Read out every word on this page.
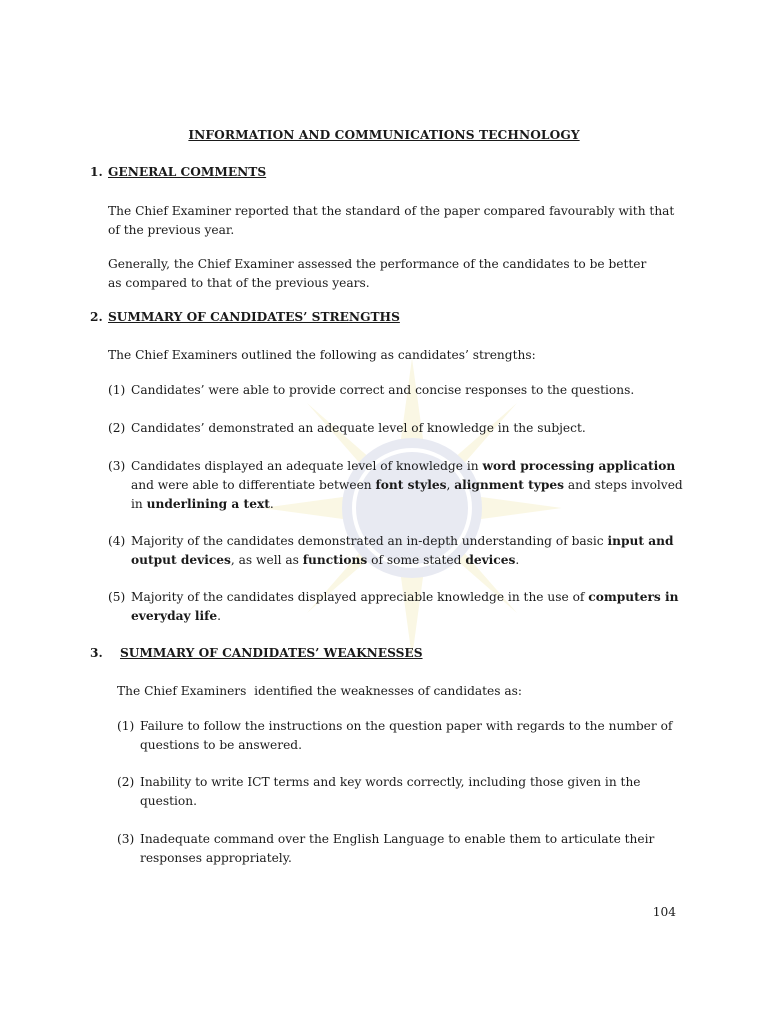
INFORMATION AND COMMUNICATIONS TECHNOLOGY
1. GENERAL COMMENTS

The Chief Examiner reported that the standard of the paper compared favourably with that of the previous year.

Generally, the Chief Examiner assessed the performance of the candidates to be better as compared to that of the previous years.

2. SUMMARY OF CANDIDATES’ STRENGTHS

The Chief Examiners outlined the following as candidates’ strengths:

(1) Candidates’ were able to provide correct and concise responses to the questions.
(2) Candidates’ demonstrated an adequate level of knowledge in the subject.
(3) Candidates displayed an adequate level of knowledge in word processing application and were able to differentiate between font styles, alignment types and steps involved in underlining a text.
(4) Majority of the candidates demonstrated an in-depth understanding of basic input and output devices, as well as functions of some stated devices.
(5) Majority of the candidates displayed appreciable knowledge in the use of computers in everyday life.
3. SUMMARY OF CANDIDATES’ WEAKNESSES

The Chief Examiners  identified the weaknesses of candidates as:

(1) Failure to follow the instructions on the question paper with regards to the number of questions to be answered.
(2) Inability to write ICT terms and key words correctly, including those given in the question.
(3) Inadequate command over the English Language to enable them to articulate their responses appropriately.
104
